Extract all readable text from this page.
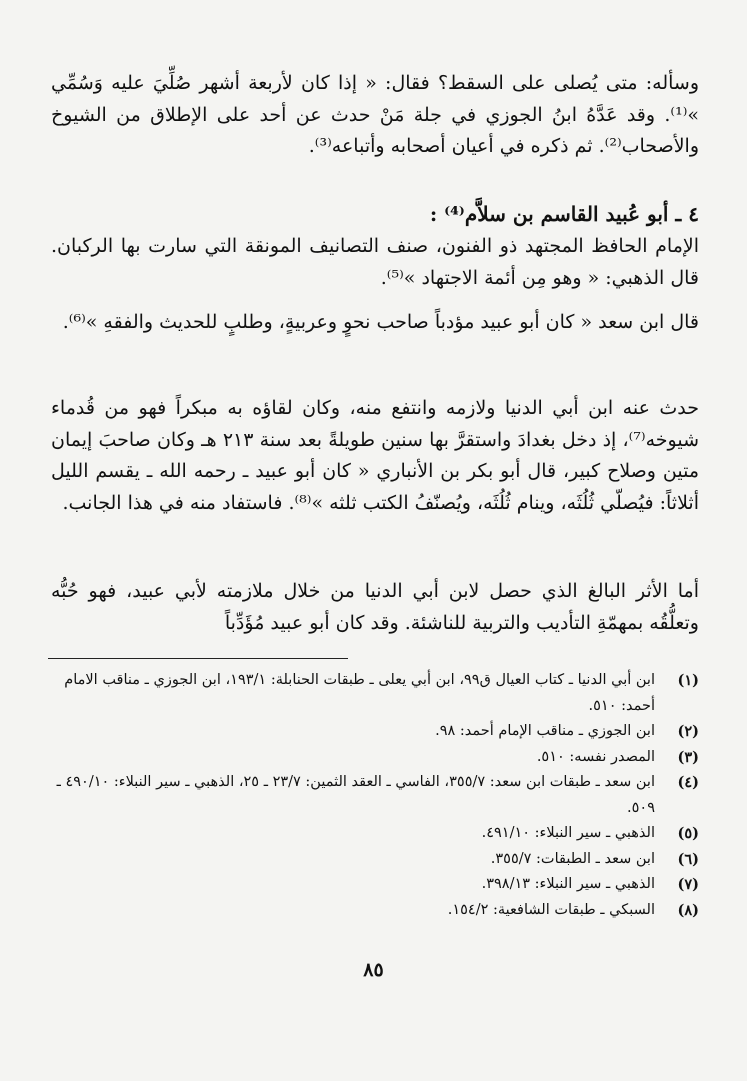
وسأله: متى يُصلى على السقط؟ فقال: « إذا كان لأربعة أشهر صُلِّيَ عليه وَسُمِّي »⁽¹⁾. وقد عَدَّهُ ابنُ الجوزي في جلة مَنْ حدث عن أحد على الإطلاق من الشيوخ والأصحاب⁽²⁾. ثم ذكره في أعيان أصحابه وأتباعه⁽³⁾.

٤ ـ أبو عُبيد القاسم بن سلاَّم⁽⁴⁾ :

الإمام الحافظ المجتهد ذو الفنون، صنف التصانيف المونقة التي سارت بها الركبان. قال الذهبي: « وهو مِن أئمة الاجتهاد »⁽⁵⁾.

قال ابن سعد « كان أبو عبيد مؤدباً صاحب نحوٍ وعربيةٍ، وطلبٍ للحديث والفقهِ »⁽⁶⁾.

حدث عنه ابن أبي الدنيا ولازمه وانتفع منه، وكان لقاؤه به مبكراً فهو من قُدماء شيوخه⁽⁷⁾، إذ دخل بغدادَ واستقرَّ بها سنين طويلةً بعد سنة ٢١٣ هـ وكان صاحبَ إيمان متين وصلاح كبير، قال أبو بكر بن الأنباري « كان أبو عبيد ـ رحمه الله ـ يقسم الليل أثلاثاً: فيُصلّي ثُلُثَه، وينام ثُلُثَه، ويُصنّفُ الكتب ثلثه »⁽⁸⁾. فاستفاد منه في هذا الجانب.

أما الأثر البالغ الذي حصل لابن أبي الدنيا من خلال ملازمته لأبي عبيد، فهو حُبُّه وتعلُّقُه بمهمّةِ التأديب والتربية للناشئة. وقد كان أبو عبيد مُؤَدِّباً

(١)
ابن أبي الدنيا ـ كتاب العيال ق٩٩، ابن أبي يعلى ـ طبقات الحنابلة: ١٩٣/١، ابن الجوزي ـ مناقب الامام أحمد: ٥١٠.
(٢)
ابن الجوزي ـ مناقب الإمام أحمد: ٩٨.
(٣)
المصدر نفسه: ٥١٠.
(٤)
ابن سعد ـ طبقات ابن سعد: ٣٥٥/٧، الفاسي ـ العقد الثمين: ٢٣/٧ ـ ٢٥، الذهبي ـ سير النبلاء: ٤٩٠/١٠ ـ ٥٠٩.
(٥)
الذهبي ـ سير النبلاء: ٤٩١/١٠.
(٦)
ابن سعد ـ الطبقات: ٣٥٥/٧.
(٧)
الذهبي ـ سير النبلاء: ٣٩٨/١٣.
(٨)
السبكي ـ طبقات الشافعية: ١٥٤/٢.
٨٥
